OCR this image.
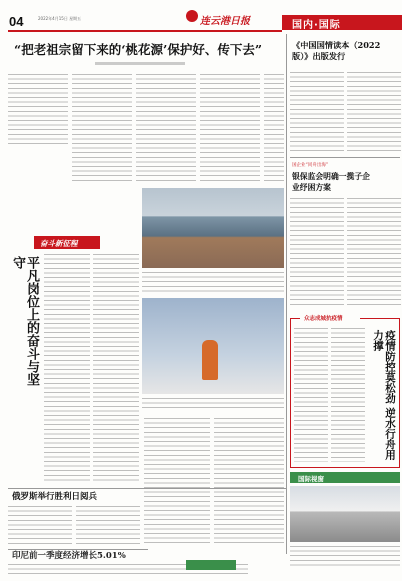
04	2022年4月15日 星期五	连云港日报	国内·国际
“把老祖宗留下来的‘桃花源’保护好、传下去”	《中国国情读本（2022版）》出版发行
国企业“同舟出海”
银保监会明确一揽子企业纾困方案
奋斗新征程
平凡岗位上的奋斗与坚守
众志成城抗疫情
疫情防控莫松劲 逆水行舟用力撑
俄罗斯举行胜利日阅兵
印尼前一季度经济增长5.01%
国际视窗
